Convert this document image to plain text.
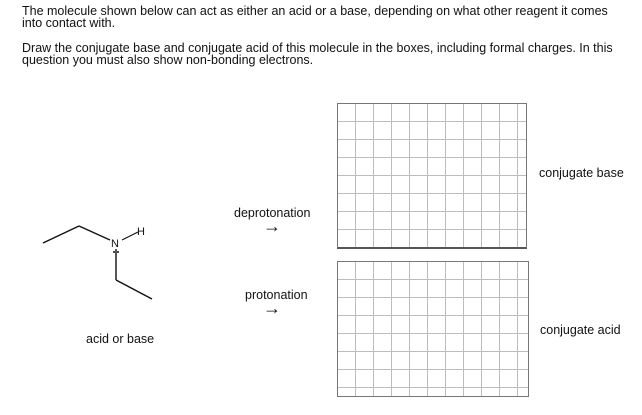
The molecule shown below can act as either an acid or a base, depending on what other reagent it comes into contact with.

Draw the conjugate base and conjugate acid of this molecule in the boxes, including formal charges. In this question you must also show non-bonding electrons.

N
H
acid or base
deprotonation
→
protonation
→
conjugate base
conjugate acid
